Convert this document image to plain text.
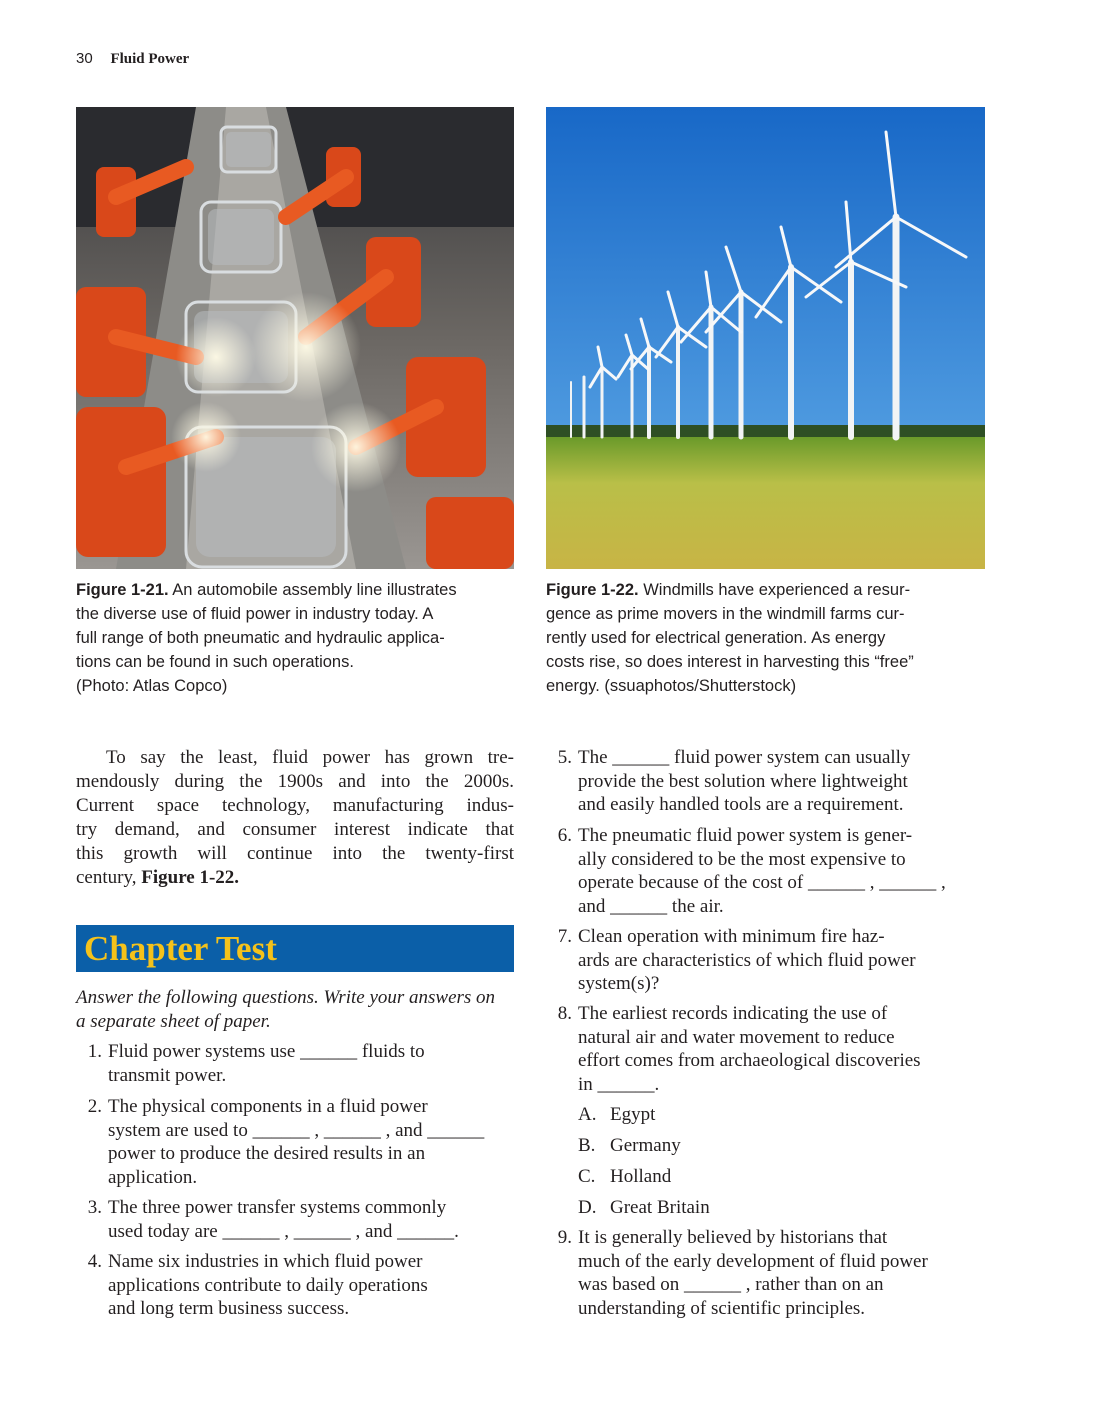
30 Fluid Power
Figure 1-21. An automobile assembly line illustrates
the diverse use of fluid power in industry today. A
full range of both pneumatic and hydraulic applica-
tions can be found in such operations.
(Photo: Atlas Copco)
Figure 1-22. Windmills have experienced a resur-
gence as prime movers in the windmill farms cur-
rently used for electrical generation. As energy
costs rise, so does interest in harvesting this “free”
energy. (ssuaphotos/Shutterstock)
To say the least, fluid power has grown tre-
mendously during the 1900s and into the 2000s.
Current space technology, manufacturing indus-
try demand, and consumer interest indicate that
this growth will continue into the twenty-first
century, Figure 1-22.
Chapter Test
Answer the following questions. Write your answers on
a separate sheet of paper.
1. Fluid power systems use ______ fluids to
transmit power.
2. The physical components in a fluid power
system are used to ______ , ______ , and ______
power to produce the desired results in an
application.
3. The three power transfer systems commonly
used today are ______ , ______ , and ______.
4. Name six industries in which fluid power
applications contribute to daily operations
and long term business success.
5. The ______ fluid power system can usually
provide the best solution where lightweight
and easily handled tools are a requirement.
6. The pneumatic fluid power system is gener-
ally considered to be the most expensive to
operate because of the cost of ______ , ______ ,
and ______ the air.
7. Clean operation with minimum fire haz-
ards are characteristics of which fluid power
system(s)?
8. The earliest records indicating the use of
natural air and water movement to reduce
effort comes from archaeological discoveries
in ______.
A. Egypt
B. Germany
C. Holland
D. Great Britain
9. It is generally believed by historians that
much of the early development of fluid power
was based on ______ , rather than on an
understanding of scientific principles.
